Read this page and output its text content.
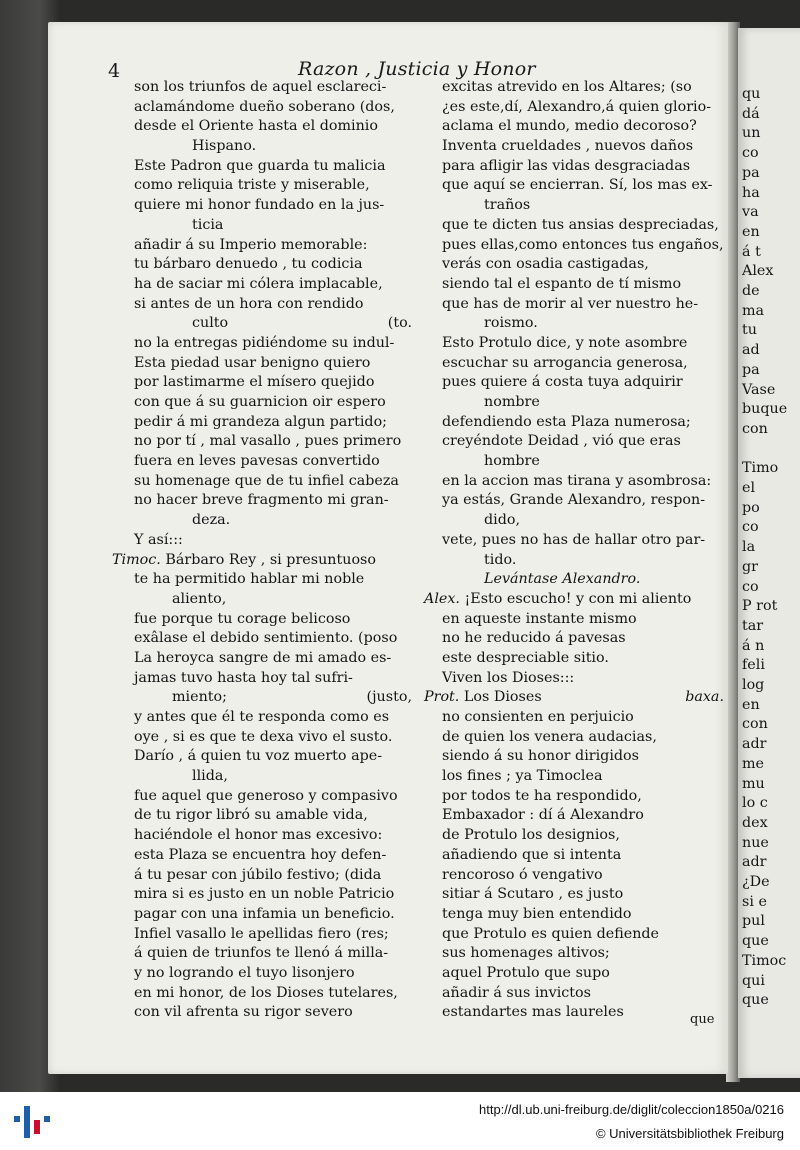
qu
dá
un
co
pa
ha
va
en
á t
Alex
de
ma
tu
ad
pa
Vase
buque
con
Timo
el
po
co
la
gr
co
P rot
tar
á n
feli
log
en
con
adr
me
mu
lo c
dex
nue
adr
¿De
si e
pul
que
Timoc
qui
que
4	Razon , Justicia y Honor
son los triunfos de aquel esclareci-
aclamándome dueño soberano (dos,
desde el Oriente hasta el dominio
Hispano.
Este Padron que guarda tu malicia
como reliquia triste y miserable,
quiere mi honor fundado en la jus-
ticia
añadir á su Imperio memorable:
tu bárbaro denuedo , tu codicia
ha de saciar mi cólera implacable,
si antes de un hora con rendido
culto	(to.
no la entregas pidiéndome su indul-
Esta piedad usar benigno quiero
por lastimarme el mísero quejido
con que á su guarnicion oir espero
pedir á mi grandeza algun partido;
no por tí , mal vasallo , pues primero
fuera en leves pavesas convertido
su homenage que de tu infiel cabeza
no hacer breve fragmento mi gran-
deza.
Y así:::
Timoc. Bárbaro Rey , si presuntuoso
te ha permitido hablar mi noble
aliento,
fue porque tu corage belicoso
exâlase el debido sentimiento. (poso
La heroyca sangre de mi amado es-
jamas tuvo hasta hoy tal sufri-
miento;	(justo,
y antes que él te responda como es
oye , si es que te dexa vivo el susto.
Darío , á quien tu voz muerto ape-
llida,
fue aquel que generoso y compasivo
de tu rigor libró su amable vida,
haciéndole el honor mas excesivo:
esta Plaza se encuentra hoy defen-
á tu pesar con júbilo festivo; (dida
mira si es justo en un noble Patricio
pagar con una infamia un beneficio.
Infiel vasallo le apellidas fiero (res;
á quien de triunfos te llenó á milla-
y no logrando el tuyo lisonjero
en mi honor, de los Dioses tutelares,
con vil afrenta su rigor severo
excitas atrevido en los Altares; (so
¿es este,dí, Alexandro,á quien glorio-
aclama el mundo, medio decoroso?
Inventa crueldades , nuevos daños
para afligir las vidas desgraciadas
que aquí se encierran. Sí, los mas ex-
traños
que te dicten tus ansias despreciadas,
pues ellas,como entonces tus engaños,
verás con osadia castigadas,
siendo tal el espanto de tí mismo
que has de morir al ver nuestro he-
roismo.
Esto Protulo dice, y note asombre
escuchar su arrogancia generosa,
pues quiere á costa tuya adquirir
nombre
defendiendo esta Plaza numerosa;
creyéndote Deidad , vió que eras
hombre
en la accion mas tirana y asombrosa:
ya estás, Grande Alexandro, respon-
dido,
vete, pues no has de hallar otro par-
tido.
Levántase Alexandro.
Alex. ¡Esto escucho! y con mi aliento
en aqueste instante mismo
no he reducido á pavesas
este despreciable sitio.
Viven los Dioses:::
Prot. Los Dioses	baxa.
no consienten en perjuicio
de quien los venera audacias,
siendo á su honor dirigidos
los fines ; ya Timoclea
por todos te ha respondido,
Embaxador : dí á Alexandro
de Protulo los designios,
añadiendo que si intenta
rencoroso ó vengativo
sitiar á Scutaro , es justo
tenga muy bien entendido
que Protulo es quien defiende
sus homenages altivos;
aquel Protulo que supo
añadir á sus invictos
estandartes mas laureles	que
http://dl.ub.uni-freiburg.de/diglit/coleccion1850a/0216
© Universitätsbibliothek Freiburg
